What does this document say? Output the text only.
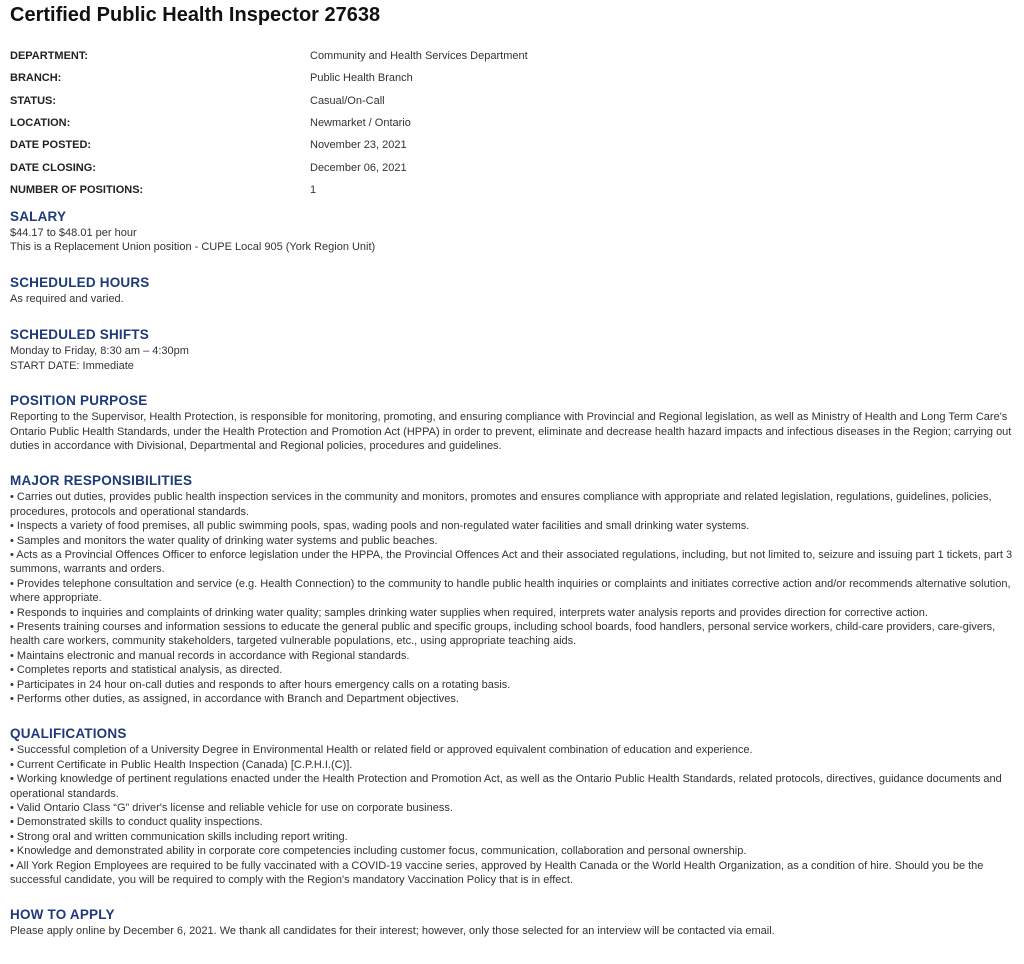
Certified Public Health Inspector 27638
DEPARTMENT:	Community and Health Services Department
BRANCH:	Public Health Branch
STATUS:	Casual/On-Call
LOCATION:	Newmarket / Ontario
DATE POSTED:	November 23, 2021
DATE CLOSING:	December 06, 2021
NUMBER OF POSITIONS:	1
SALARY
$44.17 to $48.01 per hour
This is a Replacement Union position - CUPE Local 905 (York Region Unit)
SCHEDULED HOURS
As required and varied.
SCHEDULED SHIFTS
Monday to Friday, 8:30 am – 4:30pm
START DATE: Immediate
POSITION PURPOSE
Reporting to the Supervisor, Health Protection, is responsible for monitoring, promoting, and ensuring compliance with Provincial and Regional legislation, as well as Ministry of Health and Long Term Care's Ontario Public Health Standards, under the Health Protection and Promotion Act (HPPA) in order to prevent, eliminate and decrease health hazard impacts and infectious diseases in the Region; carrying out duties in accordance with Divisional, Departmental and Regional policies, procedures and guidelines.
MAJOR RESPONSIBILITIES
• Carries out duties, provides public health inspection services in the community and monitors, promotes and ensures compliance with appropriate and related legislation, regulations, guidelines, policies, procedures, protocols and operational standards.
• Inspects a variety of food premises, all public swimming pools, spas, wading pools and non-regulated water facilities and small drinking water systems.
• Samples and monitors the water quality of drinking water systems and public beaches.
• Acts as a Provincial Offences Officer to enforce legislation under the HPPA, the Provincial Offences Act and their associated regulations, including, but not limited to, seizure and issuing part 1 tickets, part 3 summons, warrants and orders.
• Provides telephone consultation and service (e.g. Health Connection) to the community to handle public health inquiries or complaints and initiates corrective action and/or recommends alternative solution, where appropriate.
• Responds to inquiries and complaints of drinking water quality; samples drinking water supplies when required, interprets water analysis reports and provides direction for corrective action.
• Presents training courses and information sessions to educate the general public and specific groups, including school boards, food handlers, personal service workers, child-care providers, care-givers, health care workers, community stakeholders, targeted vulnerable populations, etc., using appropriate teaching aids.
• Maintains electronic and manual records in accordance with Regional standards.
• Completes reports and statistical analysis, as directed.
• Participates in 24 hour on-call duties and responds to after hours emergency calls on a rotating basis.
• Performs other duties, as assigned, in accordance with Branch and Department objectives.
QUALIFICATIONS
• Successful completion of a University Degree in Environmental Health or related field or approved equivalent combination of education and experience.
• Current Certificate in Public Health Inspection (Canada) [C.P.H.I.(C)].
• Working knowledge of pertinent regulations enacted under the Health Protection and Promotion Act, as well as the Ontario Public Health Standards, related protocols, directives, guidance documents and operational standards.
• Valid Ontario Class “G” driver's license and reliable vehicle for use on corporate business.
• Demonstrated skills to conduct quality inspections.
• Strong oral and written communication skills including report writing.
• Knowledge and demonstrated ability in corporate core competencies including customer focus, communication, collaboration and personal ownership.
• All York Region Employees are required to be fully vaccinated with a COVID-19 vaccine series, approved by Health Canada or the World Health Organization, as a condition of hire. Should you be the successful candidate, you will be required to comply with the Region's mandatory Vaccination Policy that is in effect.
HOW TO APPLY
Please apply online by December 6, 2021. We thank all candidates for their interest; however, only those selected for an interview will be contacted via email.
